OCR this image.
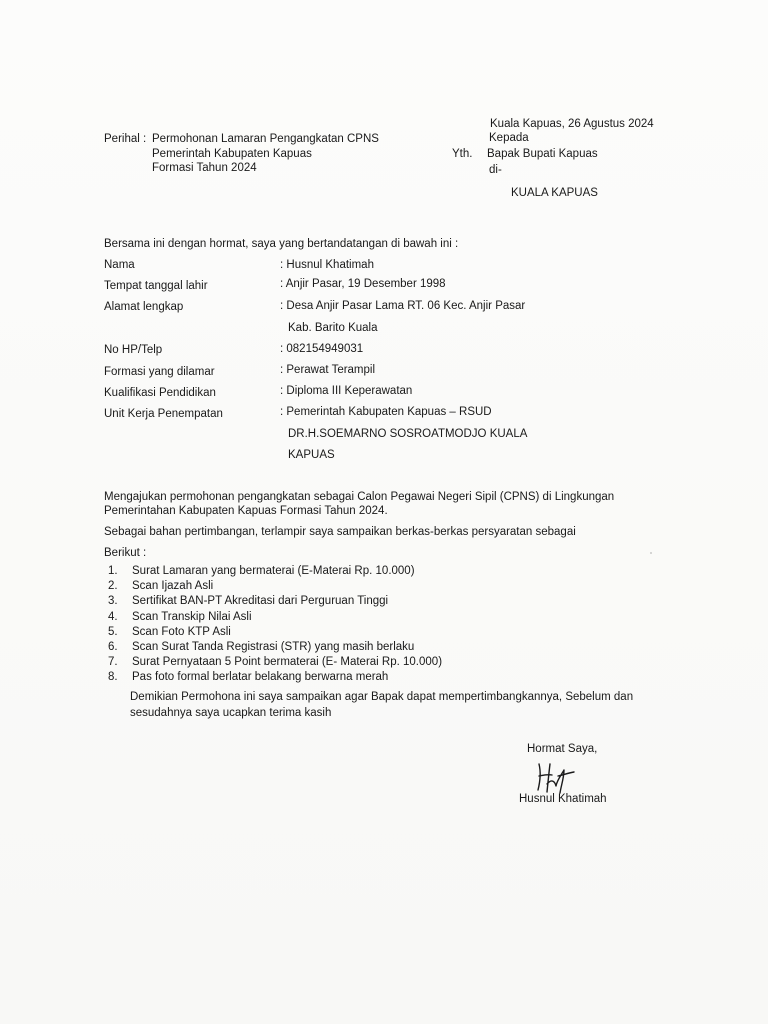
Kuala Kapuas, 26 Agustus 2024
Kepada
Yth. Bapak Bupati Kapuas
di-
KUALA KAPUAS
Perihal : Permohonan Lamaran Pengangkatan CPNS
Pemerintah Kabupaten Kapuas
Formasi Tahun 2024
Bersama ini dengan hormat, saya yang bertandatangan di bawah ini :
Nama	: Husnul Khatimah
Tempat tanggal lahir	: Anjir Pasar, 19 Desember 1998
Alamat lengkap	: Desa Anjir Pasar Lama RT. 06 Kec. Anjir Pasar
Kab. Barito Kuala
No HP/Telp	: 082154949031
Formasi yang dilamar	: Perawat Terampil
Kualifikasi Pendidikan	: Diploma III Keperawatan
Unit Kerja Penempatan	: Pemerintah Kabupaten Kapuas – RSUD
DR.H.SOEMARNO SOSROATMODJO KUALA
KAPUAS
Mengajukan permohonan pengangkatan sebagai Calon Pegawai Negeri Sipil (CPNS) di Lingkungan
Pemerintahan Kabupaten Kapuas Formasi Tahun 2024.
Sebagai bahan pertimbangan, terlampir saya sampaikan berkas-berkas persyaratan sebagai
Berikut :
1. Surat Lamaran yang bermaterai (E-Materai Rp. 10.000)
2. Scan Ijazah Asli
3. Sertifikat BAN-PT Akreditasi dari Perguruan Tinggi
4. Scan Transkip Nilai Asli
5. Scan Foto KTP Asli
6. Scan Surat Tanda Registrasi (STR) yang masih berlaku
7. Surat Pernyataan 5 Point bermaterai (E- Materai Rp. 10.000)
8. Pas foto formal berlatar belakang berwarna merah
Demikian Permohona ini saya sampaikan agar Bapak dapat mempertimbangkannya, Sebelum dan
sesudahnya saya ucapkan terima kasih
Hormat Saya,
Husnul Khatimah
